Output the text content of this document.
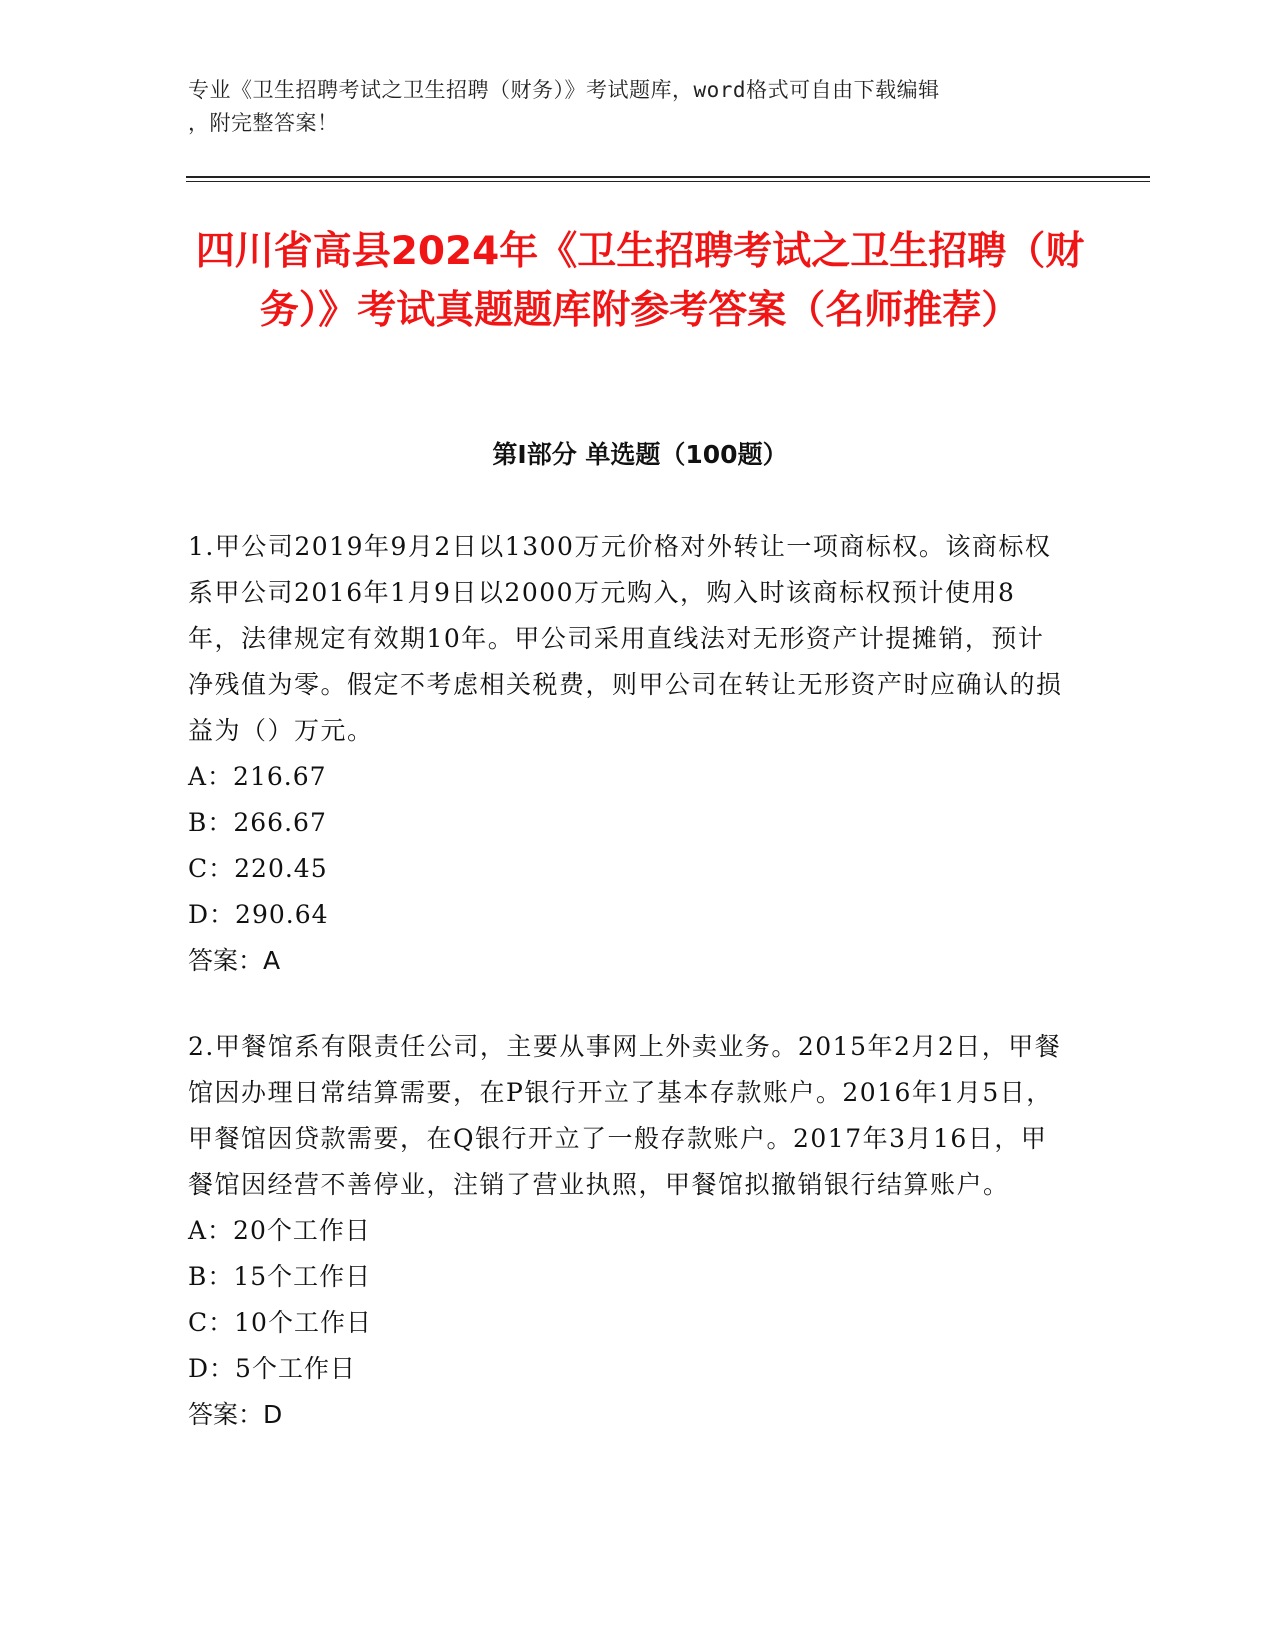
专业《卫生招聘考试之卫生招聘（财务）》考试题库，word格式可自由下载编辑
，附完整答案！
四川省高县2024年《卫生招聘考试之卫生招聘（财务）》考试真题题库附参考答案（名师推荐）
第I部分 单选题（100题）

1.甲公司2019年9月2日以1300万元价格对外转让一项商标权。该商标权系甲公司2016年1月9日以2000万元购入，购入时该商标权预计使用8年，法律规定有效期10年。甲公司采用直线法对无形资产计提摊销，预计净残值为零。假定不考虑相关税费，则甲公司在转让无形资产时应确认的损益为（）万元。

A：216.67
B：266.67
C：220.45
D：290.64
答案：A

2.甲餐馆系有限责任公司，主要从事网上外卖业务。2015年2月2日，甲餐馆因办理日常结算需要，在P银行开立了基本存款账户。2016年1月5日，甲餐馆因贷款需要，在Q银行开立了一般存款账户。2017年3月16日，甲餐馆因经营不善停业，注销了营业执照，甲餐馆拟撤销银行结算账户。

A：20个工作日
B：15个工作日
C：10个工作日
D：5个工作日
答案：D
